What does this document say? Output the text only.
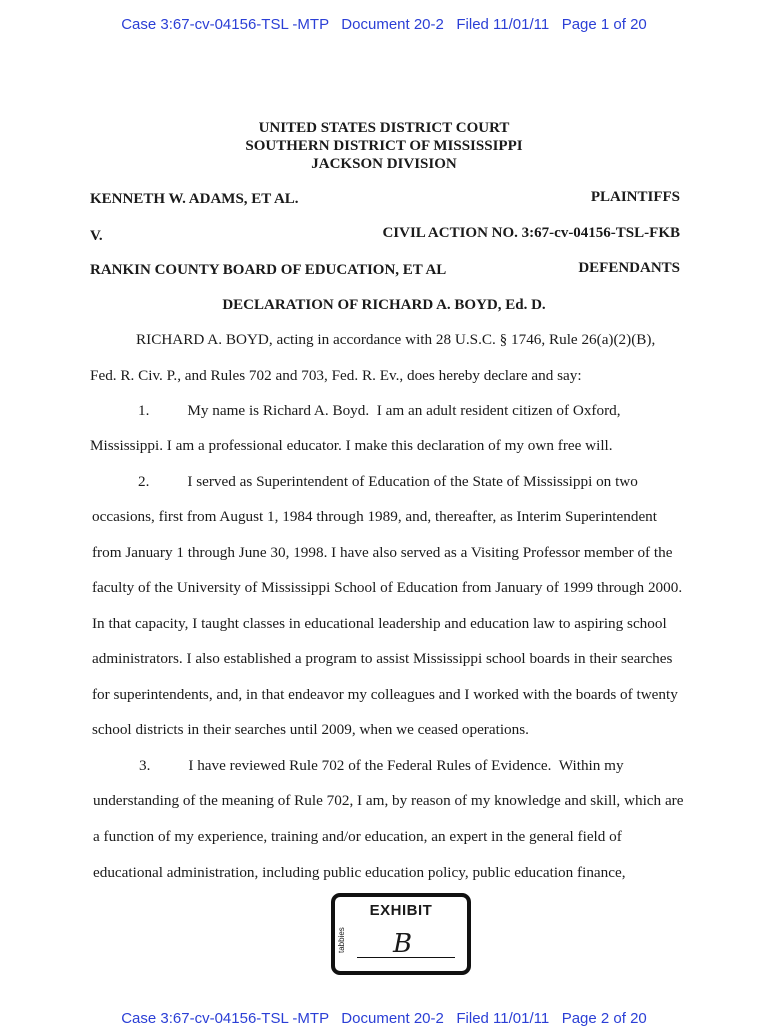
Case 3:67-cv-04156-TSL -MTP   Document 20-2   Filed 11/01/11   Page 1 of 20
UNITED STATES DISTRICT COURT
SOUTHERN DISTRICT OF MISSISSIPPI
JACKSON DIVISION
KENNETH W. ADAMS, ET AL.	PLAINTIFFS
V.	CIVIL ACTION NO. 3:67-cv-04156-TSL-FKB
RANKIN COUNTY BOARD OF EDUCATION, ET AL	DEFENDANTS
DECLARATION OF RICHARD A. BOYD, Ed. D.
RICHARD A. BOYD, acting in accordance with 28 U.S.C. § 1746, Rule 26(a)(2)(B),
Fed. R. Civ. P., and Rules 702 and 703, Fed. R. Ev., does hereby declare and say:
1.          My name is Richard A. Boyd.  I am an adult resident citizen of Oxford,
Mississippi. I am a professional educator. I make this declaration of my own free will.
2.          I served as Superintendent of Education of the State of Mississippi on two
occasions, first from August 1, 1984 through 1989, and, thereafter, as Interim Superintendent
from January 1 through June 30, 1998. I have also served as a Visiting Professor member of the
faculty of the University of Mississippi School of Education from January of 1999 through 2000.
In that capacity, I taught classes in educational leadership and education law to aspiring school
administrators. I also established a program to assist Mississippi school boards in their searches
for superintendents, and, in that endeavor my colleagues and I worked with the boards of twenty
school districts in their searches until 2009, when we ceased operations.
3.          I have reviewed Rule 702 of the Federal Rules of Evidence.  Within my
understanding of the meaning of Rule 702, I am, by reason of my knowledge and skill, which are
a function of my experience, training and/or education, an expert in the general field of
educational administration, including public education policy, public education finance,
EXHIBIT
tabbies B
Case 3:67-cv-04156-TSL -MTP   Document 20-2   Filed 11/01/11   Page 2 of 20
